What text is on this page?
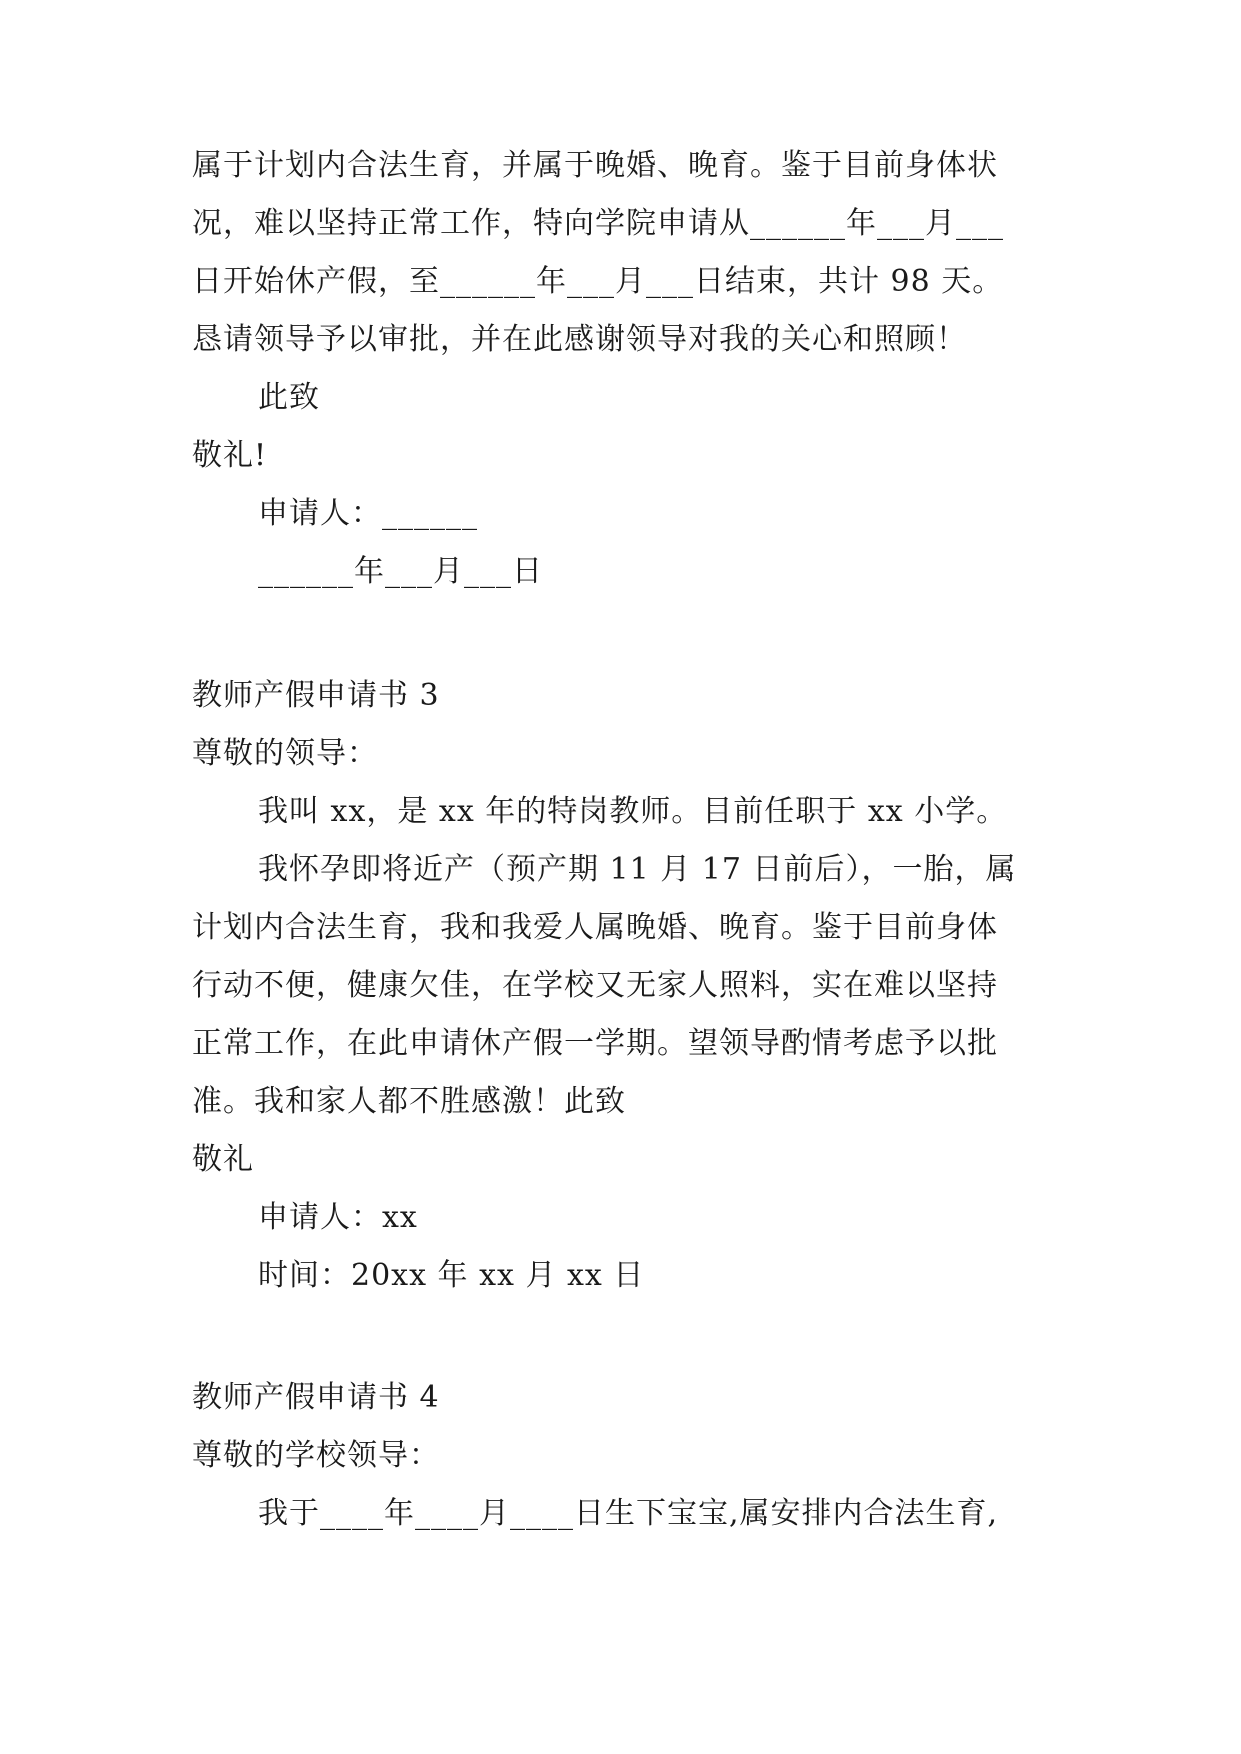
属于计划内合法生育，并属于晚婚、晚育。鉴于目前身体状
况，难以坚持正常工作，特向学院申请从______年___月___
日开始休产假，至______年___月___日结束，共计 98 天。
恳请领导予以审批，并在此感谢领导对我的关心和照顾！
此致
敬礼!
申请人：______
______年___月___日
教师产假申请书 3
尊敬的领导：
我叫 xx，是 xx 年的特岗教师。目前任职于 xx 小学。
我怀孕即将近产（预产期 11 月 17 日前后），一胎，属
计划内合法生育，我和我爱人属晚婚、晚育。鉴于目前身体
行动不便，健康欠佳，在学校又无家人照料，实在难以坚持
正常工作，在此申请休产假一学期。望领导酌情考虑予以批
准。我和家人都不胜感激！此致
敬礼
申请人：xx
时间：20xx 年 xx 月 xx 日
教师产假申请书 4
尊敬的学校领导：
我于____年____月____日生下宝宝,属安排内合法生育,
